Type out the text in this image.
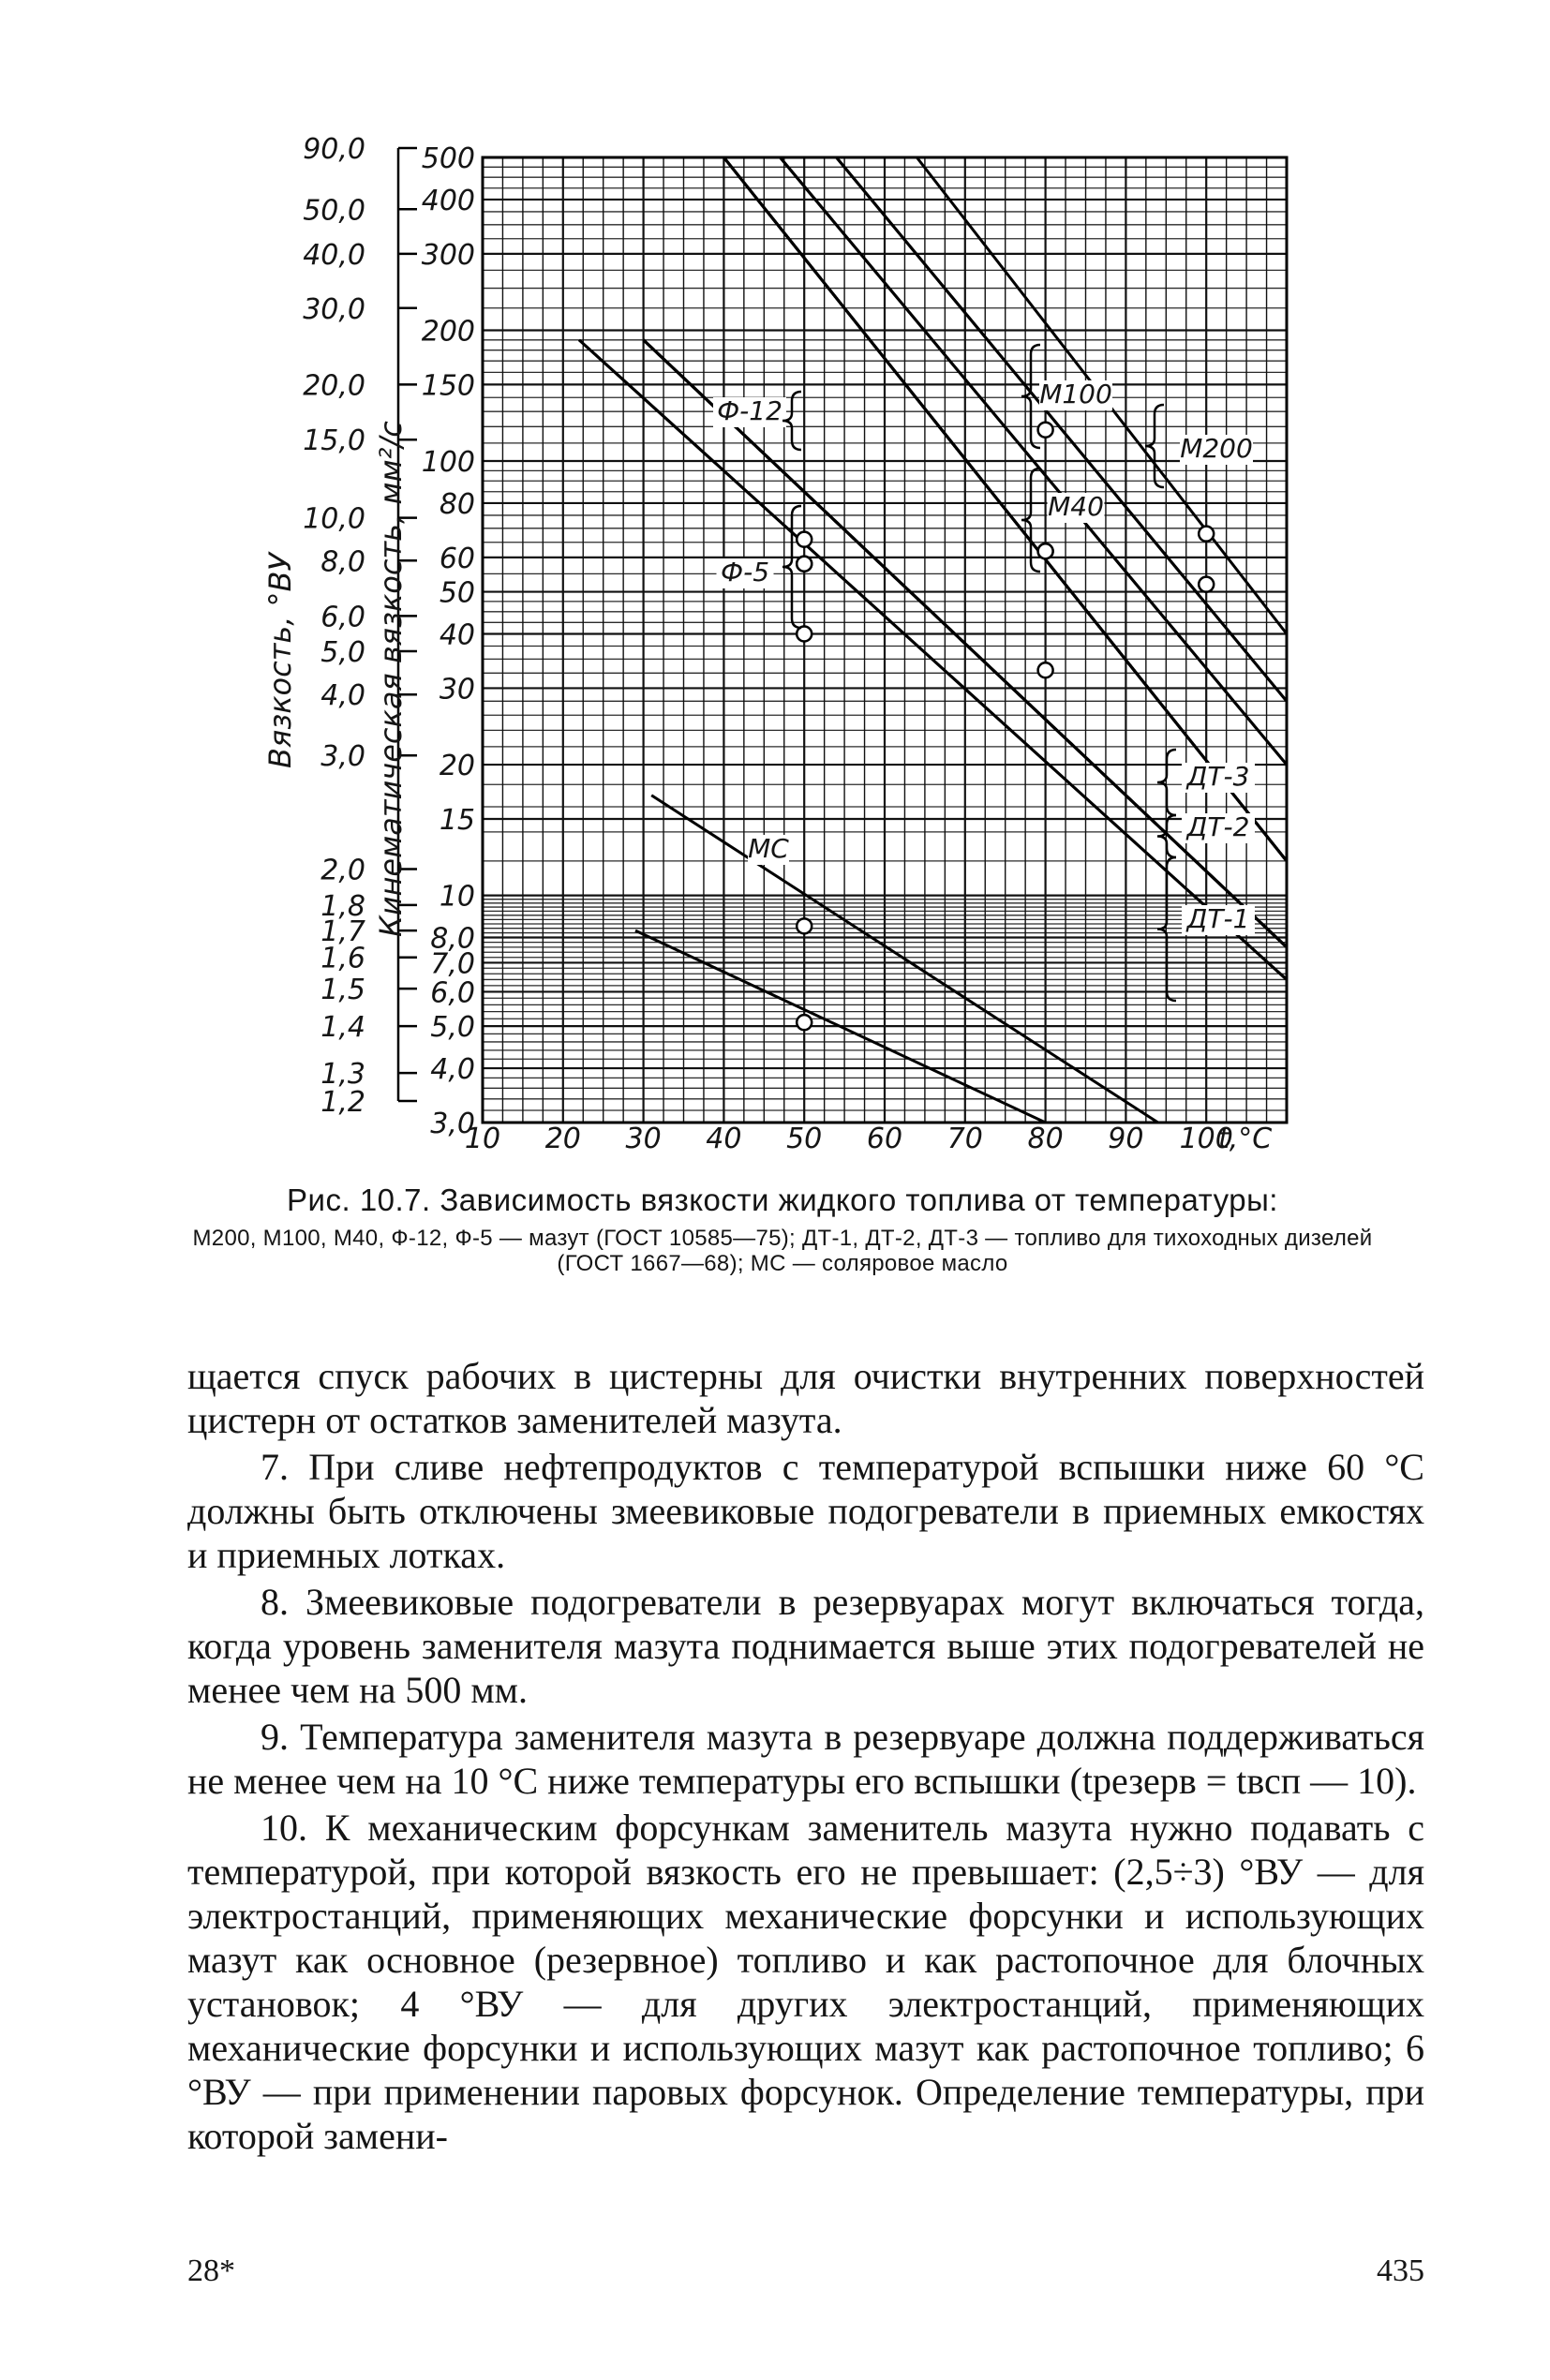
500
400
300
200
150
100
80
60
50
40
30
20
15
10
8,0
7,0
6,0
5,0
4,0
3,0
90,0
50,0
40,0
30,0
20,0
15,0
10,0
8,0
6,0
5,0
4,0
3,0
2,0
1,8
1,7
1,6
1,5
1,4
1,3
1,2
10 20 30 40 50 60 70 80 90 100
М200
М100
М40
Ф-12
Ф-5
ДТ-3
ДТ-2
ДТ-1
МС
t,°C
Кинематическая вязкость, мм²/с
Вязкость, °ВУ
Рис. 10.7. Зависимость вязкости жидкого топлива от температуры:
М200, М100, М40, Ф-12, Ф-5 — мазут (ГОСТ 10585—75); ДТ-1, ДТ-2, ДТ-3 — топливо для тихоходных дизелей (ГОСТ 1667—68); МС — соляровое масло

щается спуск рабочих в цистерны для очистки внутренних поверхностей цистерн от остатков заменителей мазута.

7. При сливе нефтепродуктов с температурой вспышки ниже 60 °С должны быть отключены змеевиковые подогреватели в приемных емкостях и приемных лотках.

8. Змеевиковые подогреватели в резервуарах могут включаться тогда, когда уровень заменителя мазута поднимается выше этих подогревателей не менее чем на 500 мм.

9. Температура заменителя мазута в резервуаре должна поддерживаться не менее чем на 10 °С ниже температуры его вспышки (tрезерв = tвсп — 10).

10. К механическим форсункам заменитель мазута нужно подавать с температурой, при которой вязкость его не превышает: (2,5÷3) °ВУ — для электростанций, применяющих механические форсунки и использующих мазут как основное (резервное) топливо и как растопочное для блочных установок; 4 °ВУ — для других электростанций, применяющих механические форсунки и использующих мазут как растопочное топливо; 6 °ВУ — при применении паровых форсунок. Определение температуры, при которой замени-

28*	435
